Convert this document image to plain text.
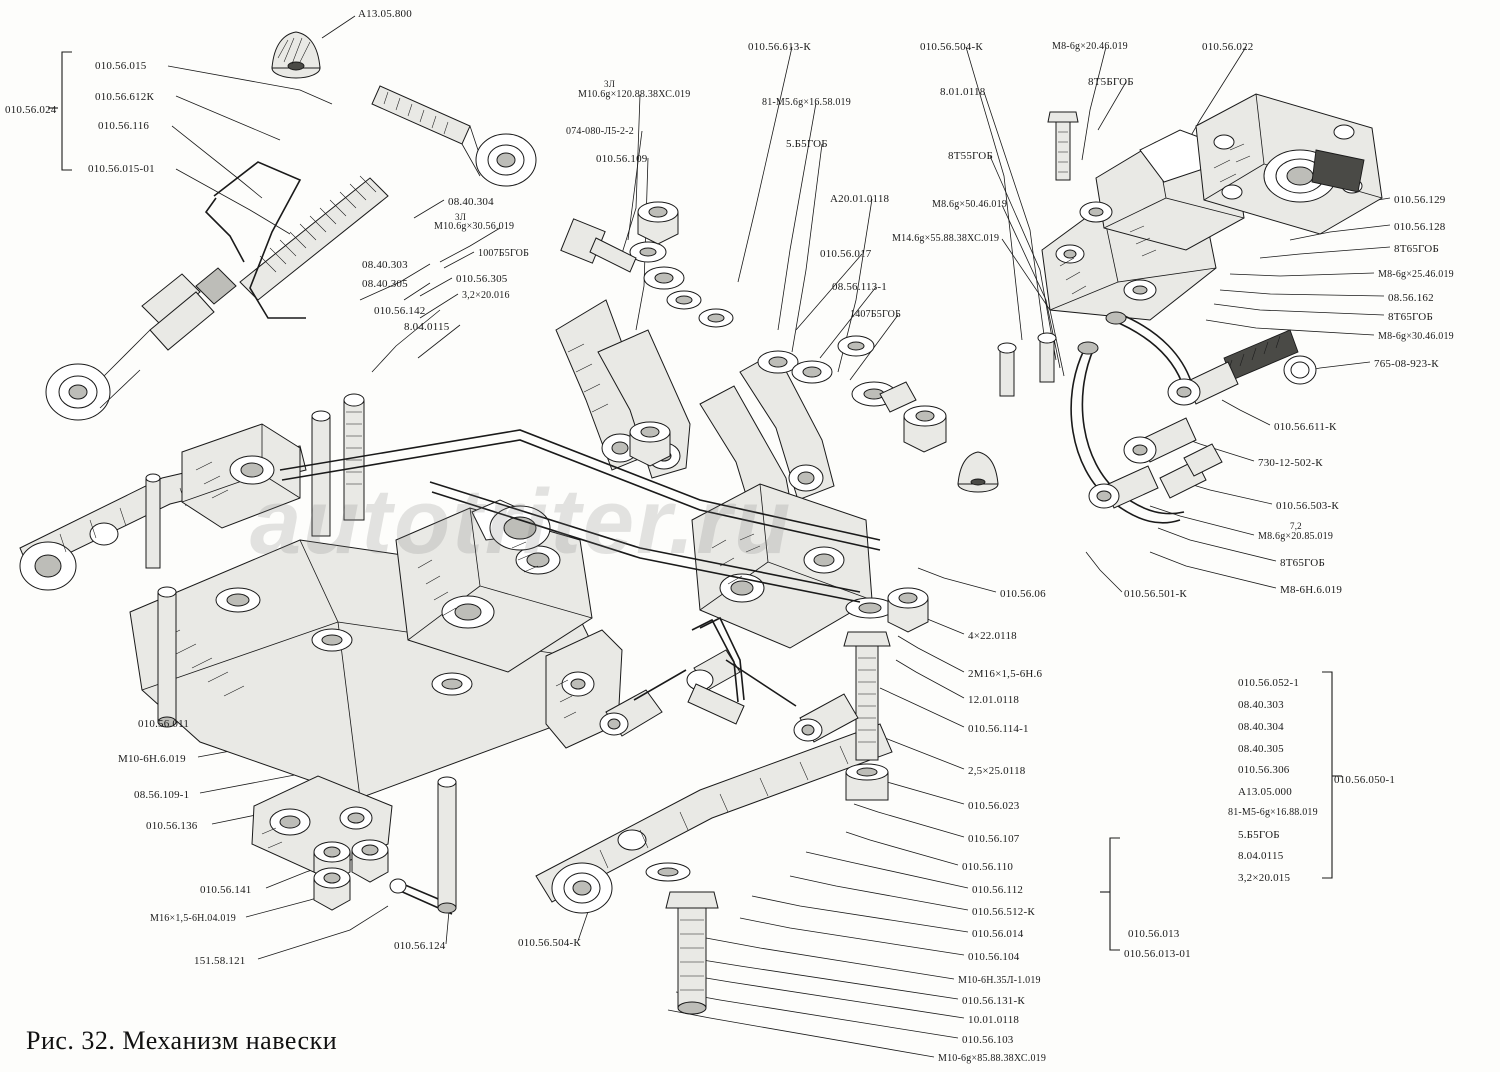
autotriter.ru
А13.05.800
010.56.015
010.56.612К
010.56.024
010.56.116
010.56.015-01
08.40.304
М10.6g×30.56.019
3Л
1007Б5ГОБ
08.40.303
010.56.305
08.40.305
3,2×20.016
010.56.142
8.04.0115
М10.6g×120.88.38ХС.019
3Л
074-080-Л5-2-2
010.56.109
010.56.613-К
81-М5.6g×16.58.019
5.Б5ГОБ
А20.01.0118
010.56.017
08.56.113-1
1407Б5ГОБ
010.56.504-К
8.01.0118
8Т55ГОБ
М8.6g×50.46.019
М14.6g×55.88.38ХС.019
М8-6g×20.46.019
8Т5БГОБ
010.56.022
010.56.129
010.56.128
8Т65ГОБ
М8-6g×25.46.019
08.56.162
8Т65ГОБ
М8-6g×30.46.019
765-08-923-К
010.56.611-К
730-12-502-К
010.56.503-К
М8.6g×20.85.019
7,2
8Т65ГОБ
010.56.501-К	М8-6Н.6.019
010.56.06
4×22.0118
2М16×1,5-6Н.6
12.01.0118
010.56.114-1
2,5×25.0118
010.56.023
010.56.107
010.56.110
010.56.112
010.56.512-К
010.56.014
010.56.104
М10-6Н.35Л-1.019
010.56.131-К
10.01.0118
010.56.103
М10-6g×85.88.38ХС.019
010.56.013
010.56.013-01
010.56.052-1
08.40.303
08.40.304
08.40.305
010.56.306
А13.05.000
81-М5-6g×16.88.019
5.Б5ГОБ
8.04.0115
3,2×20.015
010.56.050-1
010.56.011
М10-6Н.6.019
08.56.109-1
010.56.136
010.56.141
М16×1,5-6Н.04.019
151.58.121
010.56.124	010.56.504-К
Рис. 32. Механизм навески
